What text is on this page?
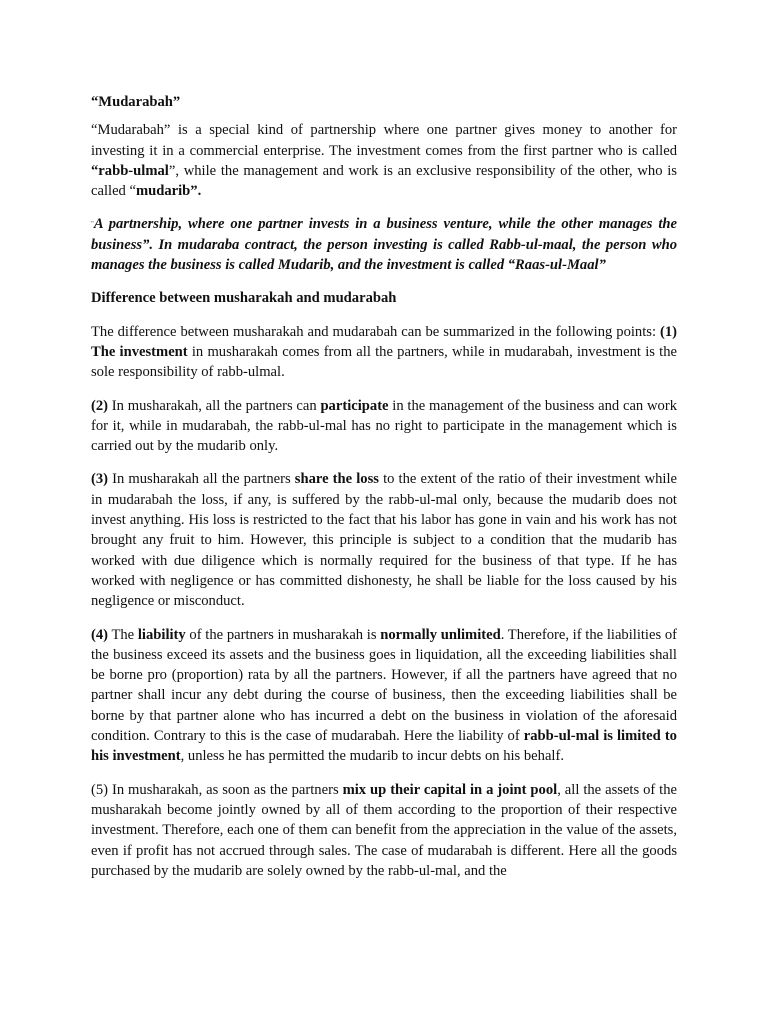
“Mudarabah”

“Mudarabah” is a special kind of partnership where one partner gives money to another for investing it in a commercial enterprise. The investment comes from the first partner who is called “rabb-ulmal”, while the management and work is an exclusive responsibility of the other, who is called “mudarib”.

"A partnership, where one partner invests in a business venture, while the other manages the business”. In mudaraba contract, the person investing is called Rabb-ul-maal, the person who manages the business is called Mudarib, and the investment is called “Raas-ul-Maal”

Difference between musharakah and mudarabah

The difference between musharakah and mudarabah can be summarized in the following points: (1) The investment in musharakah comes from all the partners, while in mudarabah, investment is the sole responsibility of rabb-ulmal.

(2) In musharakah, all the partners can participate in the management of the business and can work for it, while in mudarabah, the rabb-ul-mal has no right to participate in the management which is carried out by the mudarib only.

(3) In musharakah all the partners share the loss to the extent of the ratio of their investment while in mudarabah the loss, if any, is suffered by the rabb-ul-mal only, because the mudarib does not invest anything. His loss is restricted to the fact that his labor has gone in vain and his work has not brought any fruit to him. However, this principle is subject to a condition that the mudarib has worked with due diligence which is normally required for the business of that type. If he has worked with negligence or has committed dishonesty, he shall be liable for the loss caused by his negligence or misconduct.

(4) The liability of the partners in musharakah is normally unlimited. Therefore, if the liabilities of the business exceed its assets and the business goes in liquidation, all the exceeding liabilities shall be borne pro (proportion) rata by all the partners. However, if all the partners have agreed that no partner shall incur any debt during the course of business, then the exceeding liabilities shall be borne by that partner alone who has incurred a debt on the business in violation of the aforesaid condition. Contrary to this is the case of mudarabah. Here the liability of rabb-ul-mal is limited to his investment, unless he has permitted the mudarib to incur debts on his behalf.

(5) In musharakah, as soon as the partners mix up their capital in a joint pool, all the assets of the musharakah become jointly owned by all of them according to the proportion of their respective investment. Therefore, each one of them can benefit from the appreciation in the value of the assets, even if profit has not accrued through sales. The case of mudarabah is different. Here all the goods purchased by the mudarib are solely owned by the rabb-ul-mal, and the
